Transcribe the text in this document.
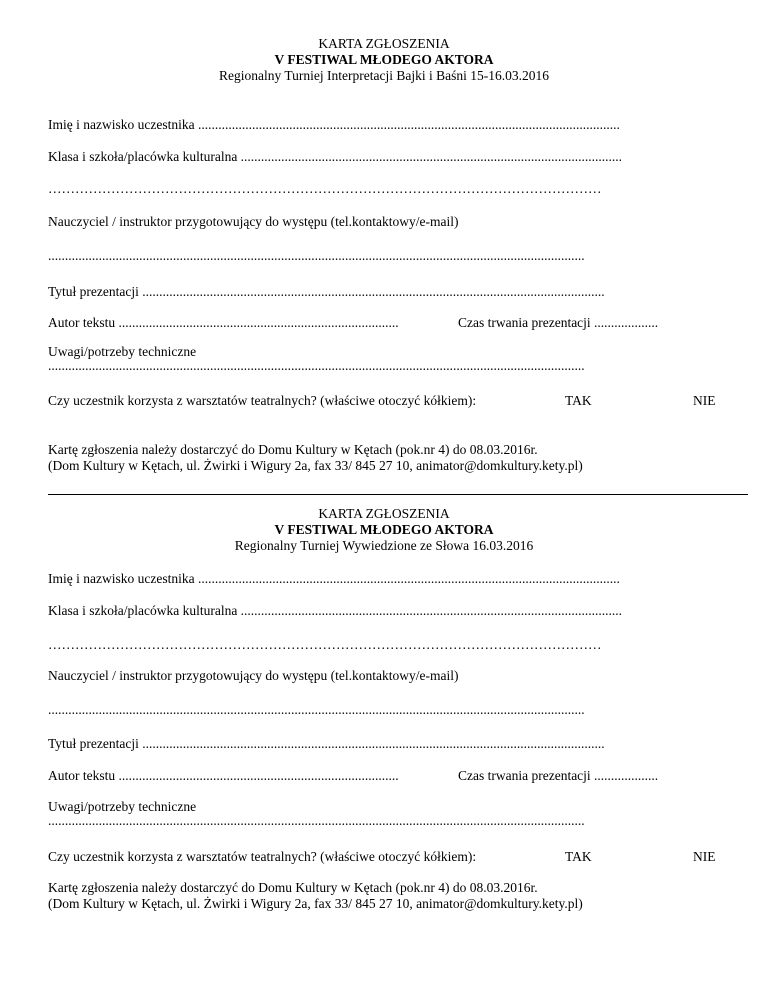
KARTA ZGŁOSZENIA
V FESTIWAL MŁODEGO AKTORA
Regionalny Turniej Interpretacji Bajki i Baśni 15-16.03.2016
Imię i nazwisko uczestnika .............................................................................................................................
Klasa i szkoła/placówka kulturalna .................................................................................................................
……………………………………………………………………………………………………………
Nauczyciel / instruktor przygotowujący do występu (tel.kontaktowy/e-mail)
...............................................................................................................................................................
Tytuł prezentacji .........................................................................................................................................
Autor tekstu ...................................................................................	Czas trwania prezentacji ...................
Uwagi/potrzeby techniczne
...............................................................................................................................................................
Czy uczestnik korzysta z warsztatów teatralnych? (właściwe otoczyć kółkiem):	TAK	NIE
Kartę zgłoszenia należy dostarczyć do Domu Kultury w Kętach (pok.nr 4) do 08.03.2016r.
(Dom Kultury w Kętach, ul. Żwirki i Wigury 2a, fax 33/ 845 27 10, animator@domkultury.kety.pl)
KARTA ZGŁOSZENIA
V FESTIWAL MŁODEGO AKTORA
Regionalny Turniej Wywiedzione ze Słowa 16.03.2016
Imię i nazwisko uczestnika .............................................................................................................................
Klasa i szkoła/placówka kulturalna .................................................................................................................
……………………………………………………………………………………………………………
Nauczyciel / instruktor przygotowujący do występu (tel.kontaktowy/e-mail)
...............................................................................................................................................................
Tytuł prezentacji .........................................................................................................................................
Autor tekstu ...................................................................................	Czas trwania prezentacji ...................
Uwagi/potrzeby techniczne
...............................................................................................................................................................
Czy uczestnik korzysta z warsztatów teatralnych? (właściwe otoczyć kółkiem):	TAK	NIE
Kartę zgłoszenia należy dostarczyć do Domu Kultury w Kętach (pok.nr 4) do 08.03.2016r.
(Dom Kultury w Kętach, ul. Żwirki i Wigury 2a, fax 33/ 845 27 10, animator@domkultury.kety.pl)
